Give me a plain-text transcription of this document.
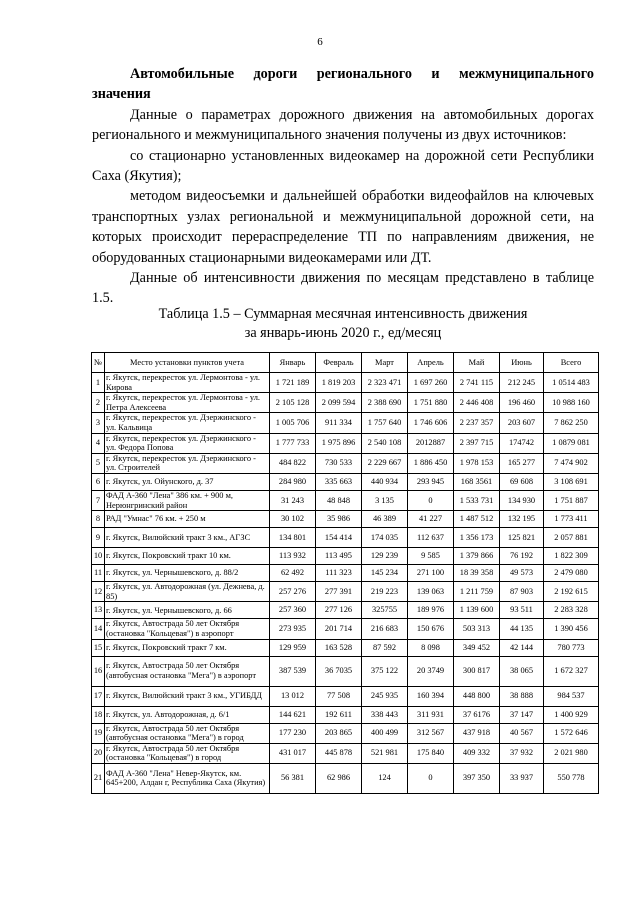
6

Автомобильные дороги регионального и межмуниципального

значения

Данные о параметрах дорожного движения на автомобильных дорогах регионального и межмуниципального значения получены из двух источников:

со стационарно установленных видеокамер на дорожной сети Республики Саха (Якутия);

методом видеосъемки и дальнейшей обработки видеофайлов на ключевых транспортных узлах региональной и межмуниципальной дорожной сети, на которых происходит перераспределение ТП по направлениям движения, не оборудованных стационарными видеокамерами или ДТ.

Данные об интенсивности движения по месяцам представлено в таблице 1.5.

Таблица 1.5 – Суммарная месячная интенсивность движения
за январь-июнь 2020 г., ед/месяц
№	Место установки пунктов учета	Январь	Февраль	Март	Апрель	Май	Июнь	Всего
1	г. Якутск, перекресток ул. Лермонтова - ул. Кирова	1 721 189	1 819 203	2 323 471	1 697 260	2 741 115	212 245	1 0514 483
2	г. Якутск, перекресток ул. Лермонтова - ул. Петра Алексеева	2 105 128	2 099 594	2 388 690	1 751 880	2 446 408	196 460	10 988 160
3	г. Якутск, перекресток ул. Дзержинского - ул. Кальвица	1 005 706	911 334	1 757 640	1 746 606	2 237 357	203 607	7 862 250
4	г. Якутск, перекресток ул. Дзержинского - ул. Федора Попова	1 777 733	1 975 896	2 540 108	2012887	2 397 715	174742	1 0879 081
5	г. Якутск, перекресток ул. Дзержинского - ул. Строителей	484 822	730 533	2 229 667	1 886 450	1 978 153	165 277	7 474 902
6	г. Якутск, ул. Ойунского, д. 37	284 980	335 663	440 934	293 945	168 3561	69 608	3 108 691
7	ФАД А-360 "Лена" 386 км. + 900 м, Нерюнгринский район	31 243	48 848	3 135	0	1 533 731	134 930	1 751 887
8	РАД "Умнас" 76 км. + 250 м	30 102	35 986	46 389	41 227	1 487 512	132 195	1 773 411
9	г. Якутск, Вилюйский тракт 3 км., АГЗС	134 801	154 414	174 035	112 637	1 356 173	125 821	2 057 881
10	г. Якутск, Покровский тракт 10 км.	113 932	113 495	129 239	9 585	1 379 866	76 192	1 822 309
11	г. Якутск, ул. Чернышевского, д. 88/2	62 492	111 323	145 234	271 100	18 39 358	49 573	2 479 080
12	г. Якутск, ул. Автодорожная (ул. Дежнева, д. 85)	257 276	277 391	219 223	139 063	1 211 759	87 903	2 192 615
13	г. Якутск, ул. Чернышевского, д. 66	257 360	277 126	325755	189 976	1 139 600	93 511	2 283 328
14	г. Якутск, Автострада 50 лет Октября (остановка "Кольцевая") в аэропорт	273 935	201 714	216 683	150 676	503 313	44 135	1 390 456
15	г. Якутск, Покровский тракт 7 км.	129 959	163 528	87 592	8 098	349 452	42 144	780 773
16	г. Якутск, Автострада 50 лет Октября (автобусная остановка "Мега") в аэропорт	387 539	36 7035	375 122	20 3749	300 817	38 065	1 672 327
17	г. Якутск, Вилюйский тракт 3 км., УГИБДД	13 012	77 508	245 935	160 394	448 800	38 888	984 537
18	г. Якутск, ул. Автодорожная, д. 6/1	144 621	192 611	338 443	311 931	37 6176	37 147	1 400 929
19	г. Якутск, Автострада 50 лет Октября (автобусная остановка "Мега") в город	177 230	203 865	400 499	312 567	437 918	40 567	1 572 646
20	г. Якутск, Автострада 50 лет Октября (остановка "Кольцевая") в город	431 017	445 878	521 981	175 840	409 332	37 932	2 021 980
21	ФАД А-360 "Лена" Невер-Якутск, км. 645+200, Алдан г, Республика Саха (Якутия)	56 381	62 986	124	0	397 350	33 937	550 778
